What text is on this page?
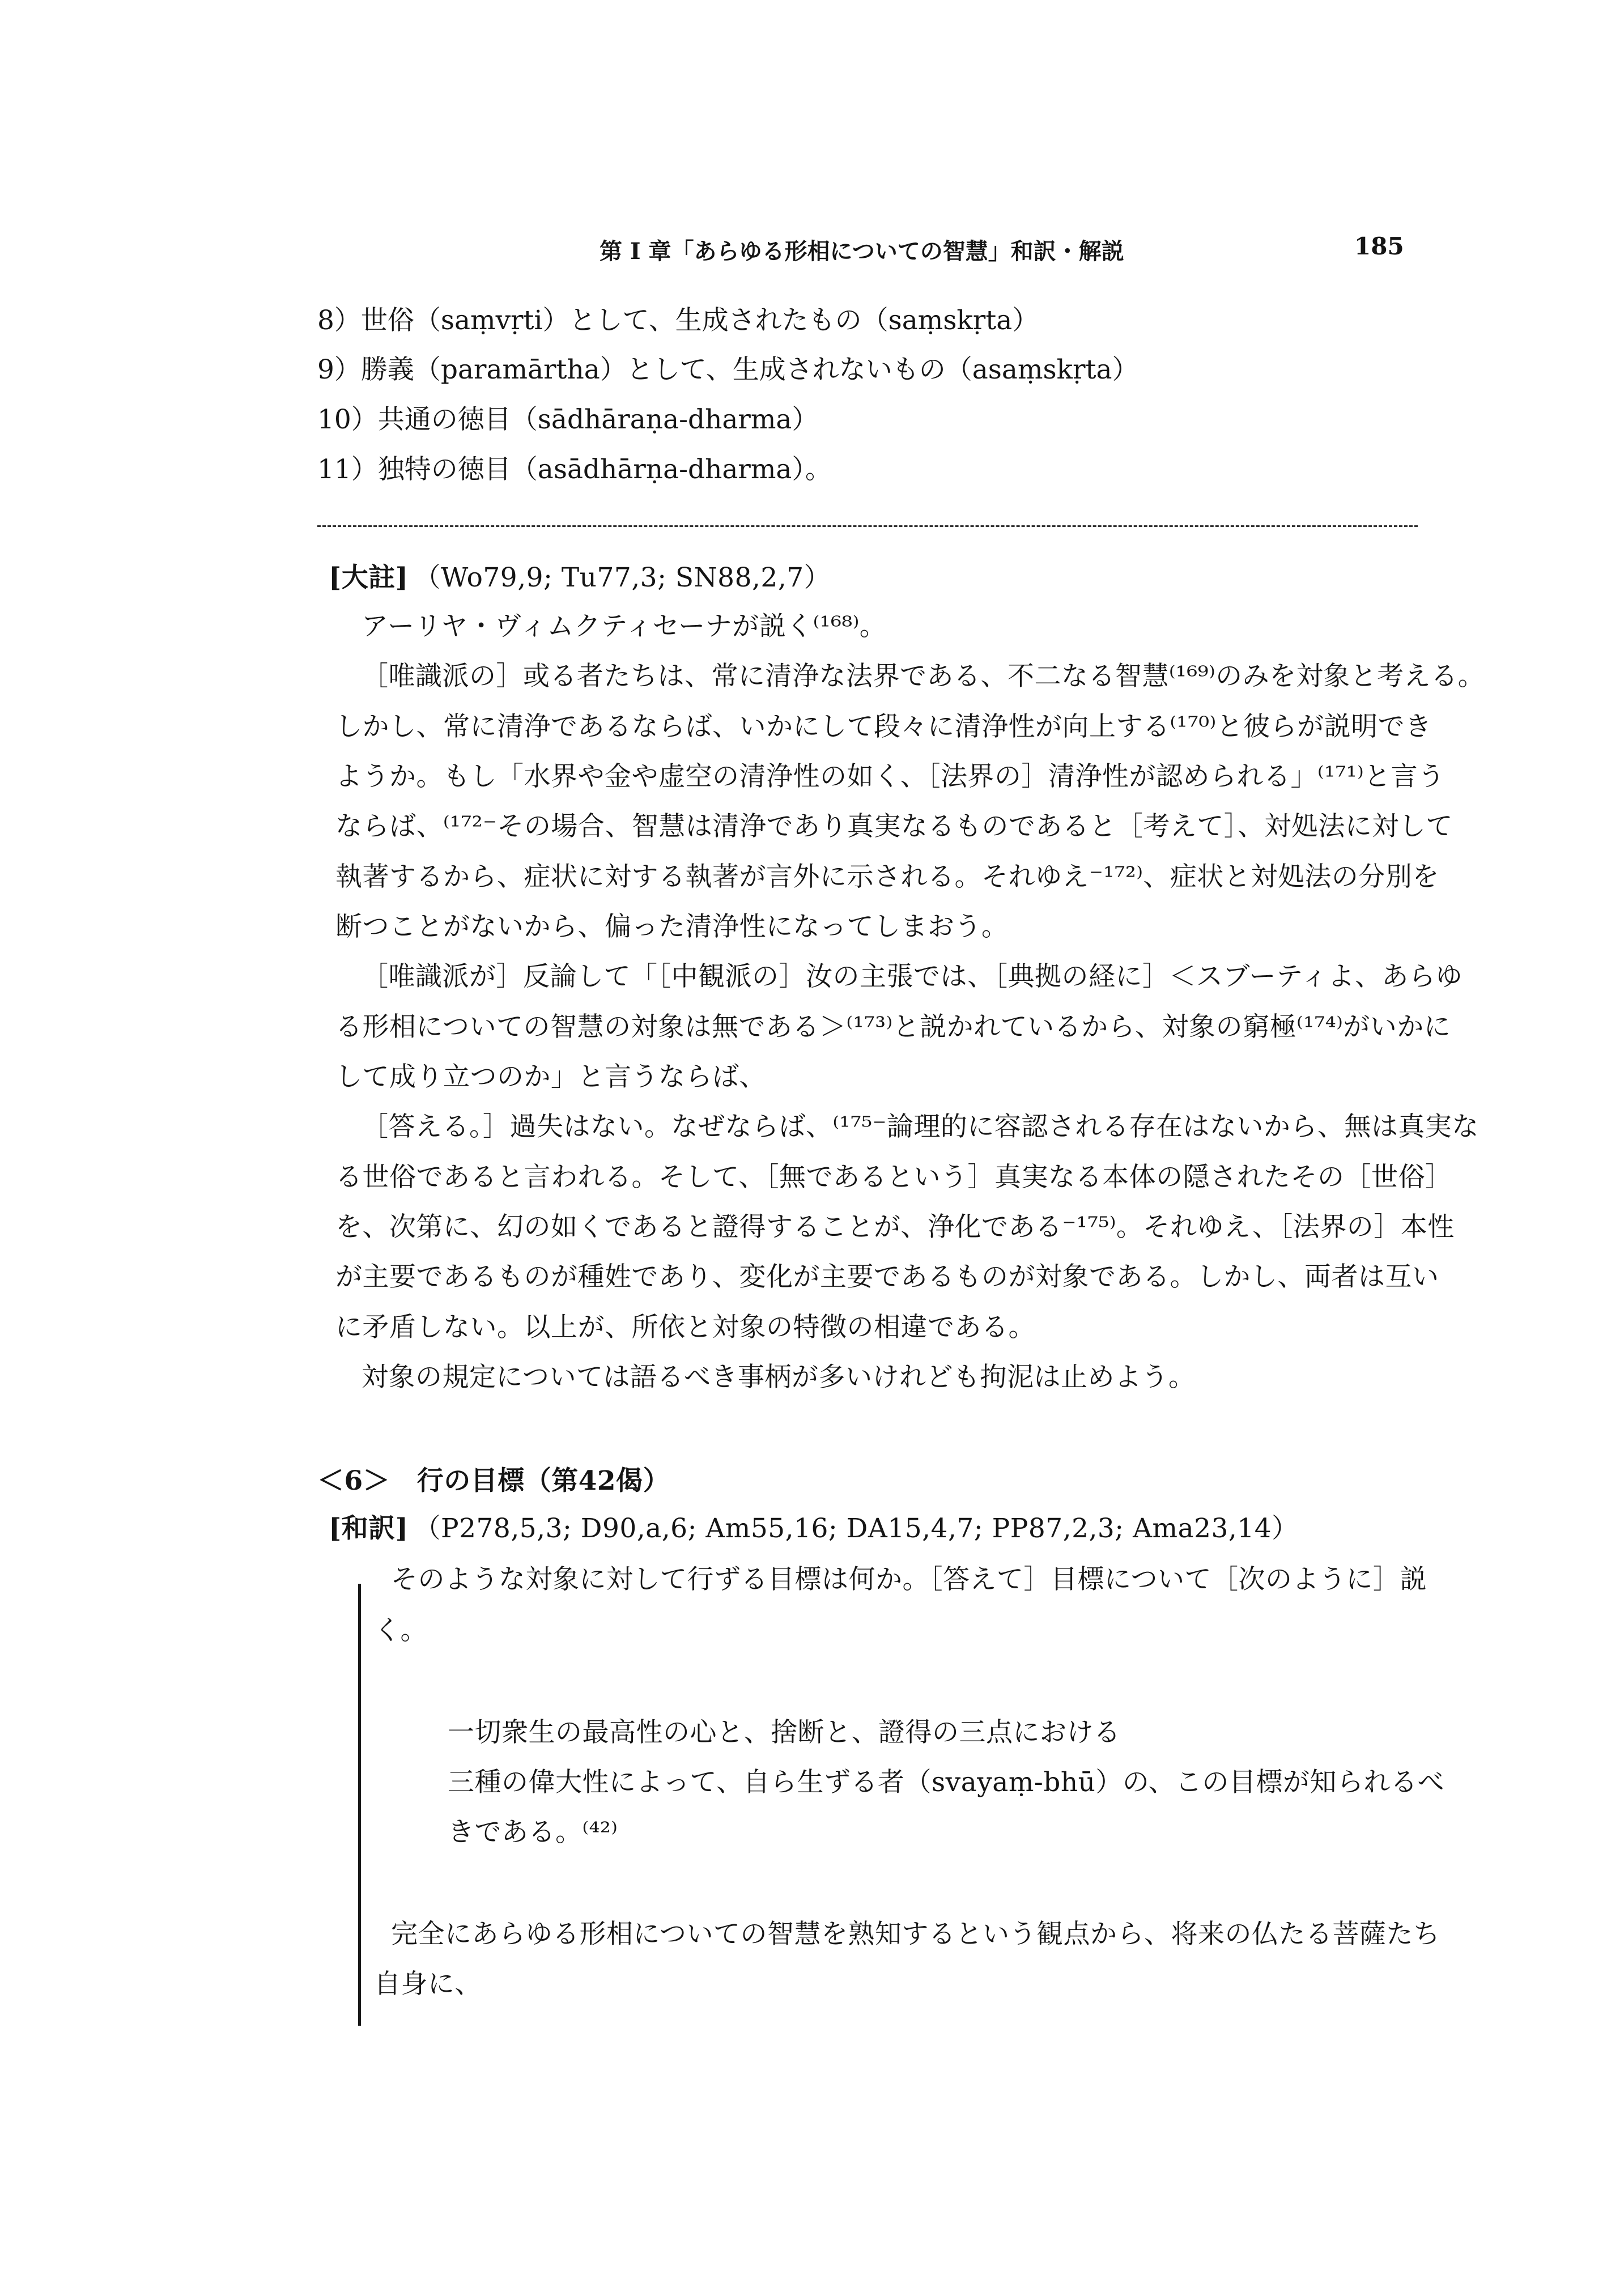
第 I 章「あらゆる形相についての智慧」和訳・解説	185
8）世俗（saṃvṛti）として、生成されたもの（saṃskṛta）
9）勝義（paramārtha）として、生成されないもの（asaṃskṛta）
10）共通の徳目（sādhāraṇa-dharma）
11）独特の徳目（asādhārṇa-dharma）。
[大註] （Wo79,9; Tu77,3; SN88,2,7）
アーリヤ・ヴィムクティセーナが説く⁽¹⁶⁸⁾。
［唯識派の］或る者たちは、常に清浄な法界である、不二なる智慧⁽¹⁶⁹⁾のみを対象と考える。
しかし、常に清浄であるならば、いかにして段々に清浄性が向上する⁽¹⁷⁰⁾と彼らが説明でき
ようか。もし「水界や金や虚空の清浄性の如く、［法界の］清浄性が認められる」⁽¹⁷¹⁾と言う
ならば、⁽¹⁷²⁻その場合、智慧は清浄であり真実なるものであると［考えて］、対処法に対して
執著するから、症状に対する執著が言外に示される。それゆえ⁻¹⁷²⁾、症状と対処法の分別を
断つことがないから、偏った清浄性になってしまおう。
［唯識派が］反論して「［中観派の］汝の主張では、［典拠の経に］＜スブーティよ、あらゆ
る形相についての智慧の対象は無である＞⁽¹⁷³⁾と説かれているから、対象の窮極⁽¹⁷⁴⁾がいかに
して成り立つのか」と言うならば、
［答える。］過失はない。なぜならば、⁽¹⁷⁵⁻論理的に容認される存在はないから、無は真実な
る世俗であると言われる。そして、［無であるという］真実なる本体の隠されたその［世俗］
を、次第に、幻の如くであると證得することが、浄化である⁻¹⁷⁵⁾。それゆえ、［法界の］本性
が主要であるものが種姓であり、変化が主要であるものが対象である。しかし、両者は互い
に矛盾しない。以上が、所依と対象の特徴の相違である。
対象の規定については語るべき事柄が多いけれども拘泥は止めよう。
＜6＞　行の目標（第42偈）
[和訳] （P278,5,3; D90,a,6; Am55,16; DA15,4,7; PP87,2,3; Ama23,14）
そのような対象に対して行ずる目標は何か。［答えて］目標について［次のように］説
く。
一切衆生の最高性の心と、捨断と、證得の三点における
三種の偉大性によって、自ら生ずる者（svayaṃ-bhū）の、この目標が知られるべ
きである。⁽⁴²⁾
完全にあらゆる形相についての智慧を熟知するという観点から、将来の仏たる菩薩たち
自身に、
